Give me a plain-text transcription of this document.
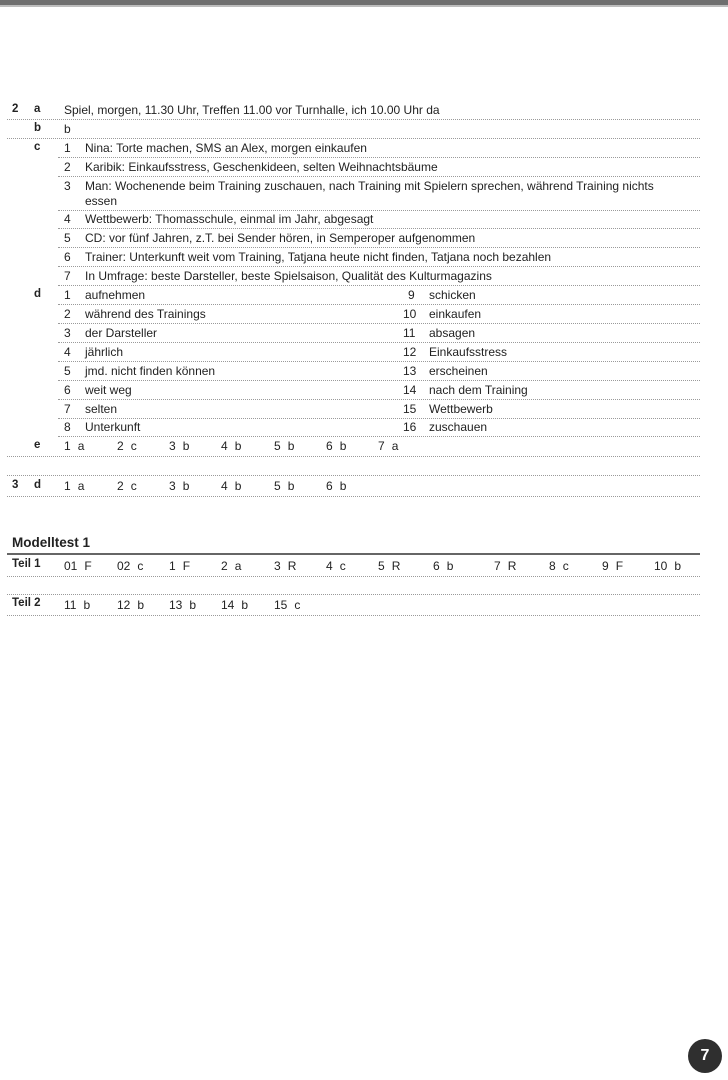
2 a Spiel, morgen, 11.30 Uhr, Treffen 11.00 vor Turnhalle, ich 10.00 Uhr da
b b
c 1 Nina: Torte machen, SMS an Alex, morgen einkaufen
2 Karibik: Einkaufsstress, Geschenkideen, selten Weihnachtsbäume
3 Man: Wochenende beim Training zuschauen, nach Training mit Spielern sprechen, während Training nichts
essen
4 Wettbewerb: Thomasschule, einmal im Jahr, abgesagt
5 CD: vor fünf Jahren, z.T. bei Sender hören, in Semperoper aufgenommen
6 Trainer: Unterkunft weit vom Training, Tatjana heute nicht finden, Tatjana noch bezahlen
7 In Umfrage: beste Darsteller, beste Spielsaison, Qualität des Kulturmagazins
d 1 aufnehmen	9 schicken
2 während des Trainings	10 einkaufen
3 der Darsteller	11 absagen
4 jährlich	12 Einkaufsstress
5 jmd. nicht finden können	13 erscheinen
6 weit weg	14 nach dem Training
7 selten	15 Wettbewerb
8 Unterkunft	16 zuschauen
e 1 a	2 c	3 b	4 b	5 b	6 b	7 a
3 d 1 a	2 c	3 b	4 b	5 b	6 b
Modelltest 1
Teil 1 01 F 02 c 1 F	2 a	3 R 4 c	5 R	6 b	7 R	8 c	9 F	10 b
Teil 2 11 b 12 b 13 b 14 b 15 c
7
